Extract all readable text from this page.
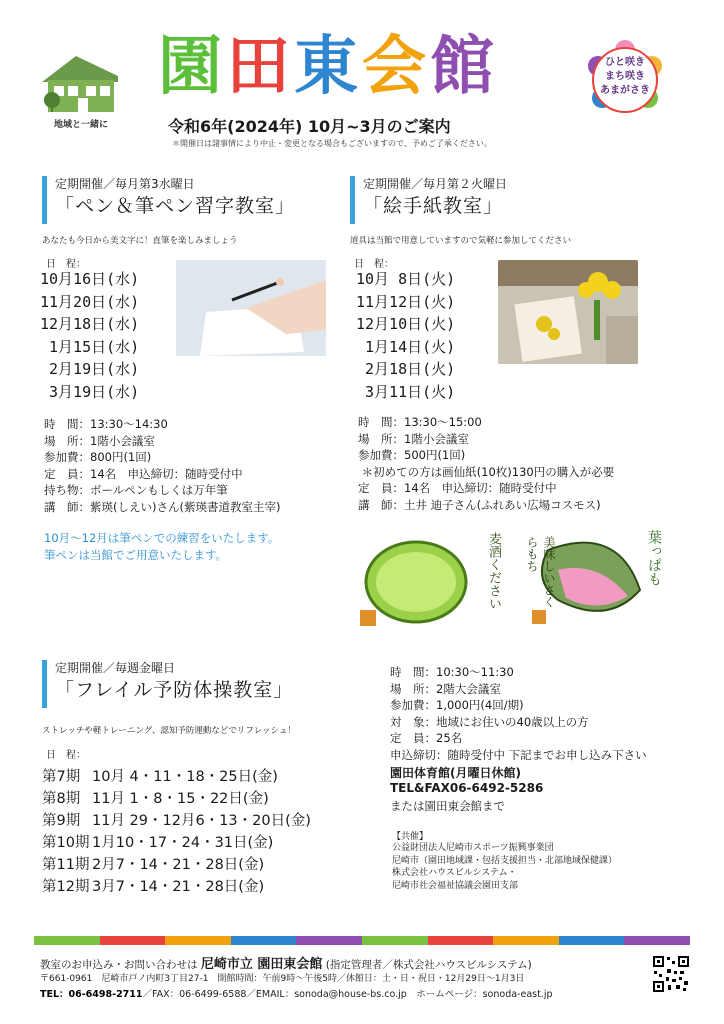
地域と一緒に
園 田 東 会 館
令和6年(2024年) 10月~3月のご案内
＊開催日は諸事情により中止・変更となる場合もございますので、予めご了承ください。
ひと咲き
まち咲き
あまがさき
定期開催／毎月第3水曜日
「ペン＆筆ペン習字教室」
あなたも今日から美文字に！直筆を楽しみましょう
日　程：
10月16日(水)
11月20日(水)
12月18日(水)
1月15日(水)
2月19日(水)
3月19日(水)
時　間：13:30～14:30
場　所：1階小会議室
参加費：800円(1回)
定　員：14名　申込締切：随時受付中
持ち物：ボールペンもしくは万年筆
講　師：紫瑛(しえい)さん(紫瑛書道教室主宰)
10月～12月は筆ペンでの練習をいたします。
筆ペンは当館でご用意いたします。
定期開催／毎月第２火曜日
「絵手紙教室」
道具は当館で用意していますので気軽に参加してください
日　程：
10月 8日(火)
11月12日(火)
12月10日(火)
1月14日(火)
2月18日(火)
3月11日(火)
時　間：13:30～15:00
場　所：1階小会議室
参加費：500円(1回)
＊初めての方は画仙紙(10枚)130円の購入が必要
定　員：14名　申込締切：随時受付中
講　師：土井 迪子さん(ふれあい広場コスモス)
麦酒ください	美味しいさくらもち	葉っぱも
定期開催／毎週金曜日
「フレイル予防体操教室」
ストレッチや軽トレーニング、認知予防運動などでリフレッシュ！
日　程：
第7期 10月 4・11・18・25日(金)
第8期 11月 1・8・15・22日(金)
第9期 11月 29・12月6・13・20日(金)
第10期 1月10・17・24・31日(金)
第11期 2月7・14・21・28日(金)
第12期 3月7・14・21・28日(金)
時　間：10:30～11:30
場　所：2階大会議室
参加費：1,000円(4回/期)
対　象：地域にお住いの40歳以上の方
定　員：25名
申込締切：随時受付中 下記までお申し込み下さい
園田体育館(月曜日休館)
TEL&FAX06-6492-5286
または園田東会館まで
【共催】
公益財団法人尼崎市スポーツ振興事業団
尼崎市（園田地域課・包括支援担当・北部地域保健課）
株式会社ハウスビルシステム・
尼崎市社会福祉協議会園田支部
教室のお申込み・お問い合わせは 尼崎市立 園田東会館 (指定管理者／株式会社ハウスビルシステム)
〒661-0961　尼崎市戸ノ内町3丁目27-1　開館時間：午前9時～午後5時／休館日：土・日・祝日・12月29日～1月3日
TEL：06-6498-2711／FAX：06-6499-6588／EMAIL：sonoda@house-bs.co.jp　ホームページ：sonoda-east.jp
